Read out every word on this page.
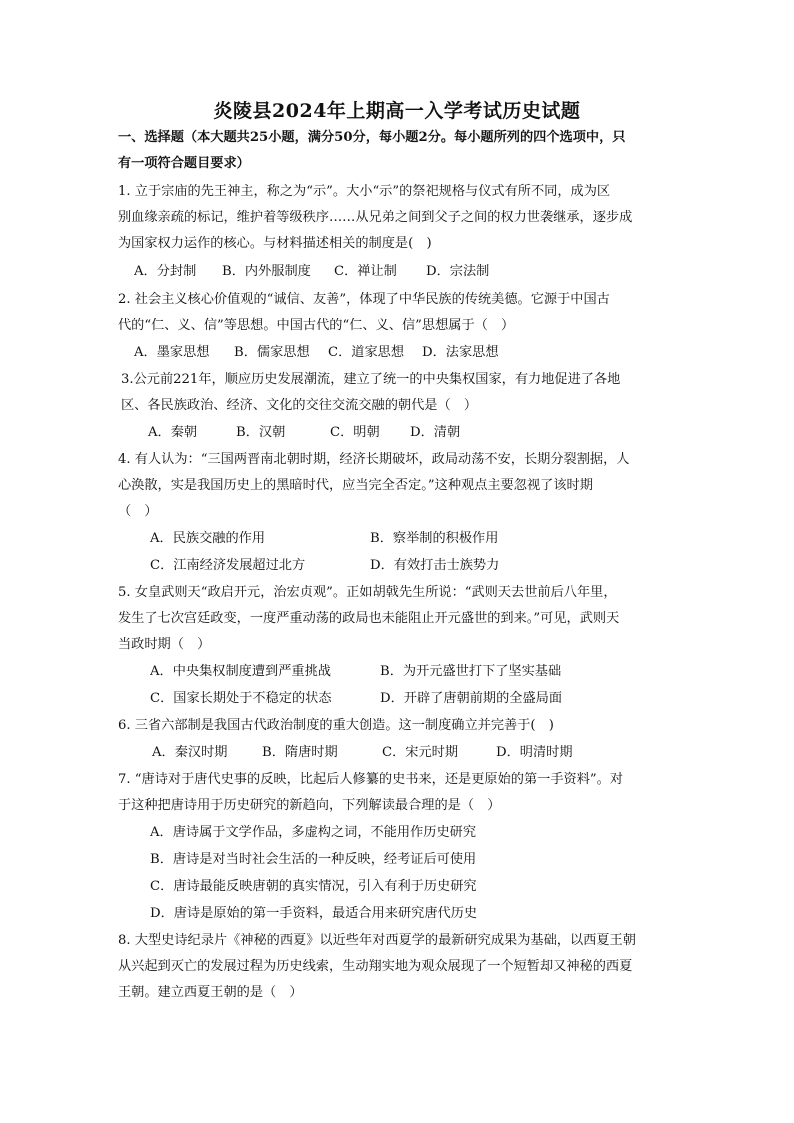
炎陵县2024年上期高一入学考试历史试题
一、选择题（本大题共25小题，满分50分，每小题2分。每小题所列的四个选项中，只
有一项符合题目要求）
1. 立于宗庙的先王神主，称之为“示”。大小“示”的祭祀规格与仪式有所不同，成为区
别血缘亲疏的标记，维护着等级秩序……从兄弟之间到父子之间的权力世袭继承，逐步成
为国家权力运作的核心。与材料描述相关的制度是(　)
A．分封制 B．内外服制度 C．禅让制 D．宗法制
2. 社会主义核心价值观的“诚信、友善”，体现了中华民族的传统美德。它源于中国古
代的“仁、义、信”等思想。中国古代的“仁、义、信”思想属于（　）
A．墨家思想 B．儒家思想 C．道家思想 D．法家思想
3.公元前221年，顺应历史发展潮流，建立了统一的中央集权国家，有力地促进了各地
区、各民族政治、经济、文化的交往交流交融的朝代是（　）
A．秦朝	B．汉朝	C．明朝 D．清朝
4. 有人认为：“三国两晋南北朝时期，经济长期破坏，政局动荡不安，长期分裂割据，人
心涣散，实是我国历史上的黑暗时代，应当完全否定。”这种观点主要忽视了该时期
（　）
A．民族交融的作用	B．察举制的积极作用
C．江南经济发展超过北方	D．有效打击士族势力
5. 女皇武则天“政启开元，治宏贞观”。正如胡戟先生所说：“武则天去世前后八年里，
发生了七次宫廷政变，一度严重动荡的政局也未能阻止开元盛世的到来。”可见，武则天
当政时期（　）
A．中央集权制度遭到严重挑战	B．为开元盛世打下了坚实基础
C．国家长期处于不稳定的状态	D．开辟了唐朝前期的全盛局面
6. 三省六部制是我国古代政治制度的重大创造。这一制度确立并完善于(　)
A．秦汉时期	B．隋唐时期	C．宋元时期	D．明清时期
7. “唐诗对于唐代史事的反映，比起后人修纂的史书来，还是更原始的第一手资料”。对
于这种把唐诗用于历史研究的新趋向，下列解读最合理的是（　）
A．唐诗属于文学作品，多虚构之词，不能用作历史研究
B．唐诗是对当时社会生活的一种反映，经考证后可使用
C．唐诗最能反映唐朝的真实情况，引入有利于历史研究
D．唐诗是原始的第一手资料，最适合用来研究唐代历史
8. 大型史诗纪录片《神秘的西夏》以近些年对西夏学的最新研究成果为基础，以西夏王朝
从兴起到灭亡的发展过程为历史线索，生动翔实地为观众展现了一个短暂却又神秘的西夏
王朝。建立西夏王朝的是（　）
